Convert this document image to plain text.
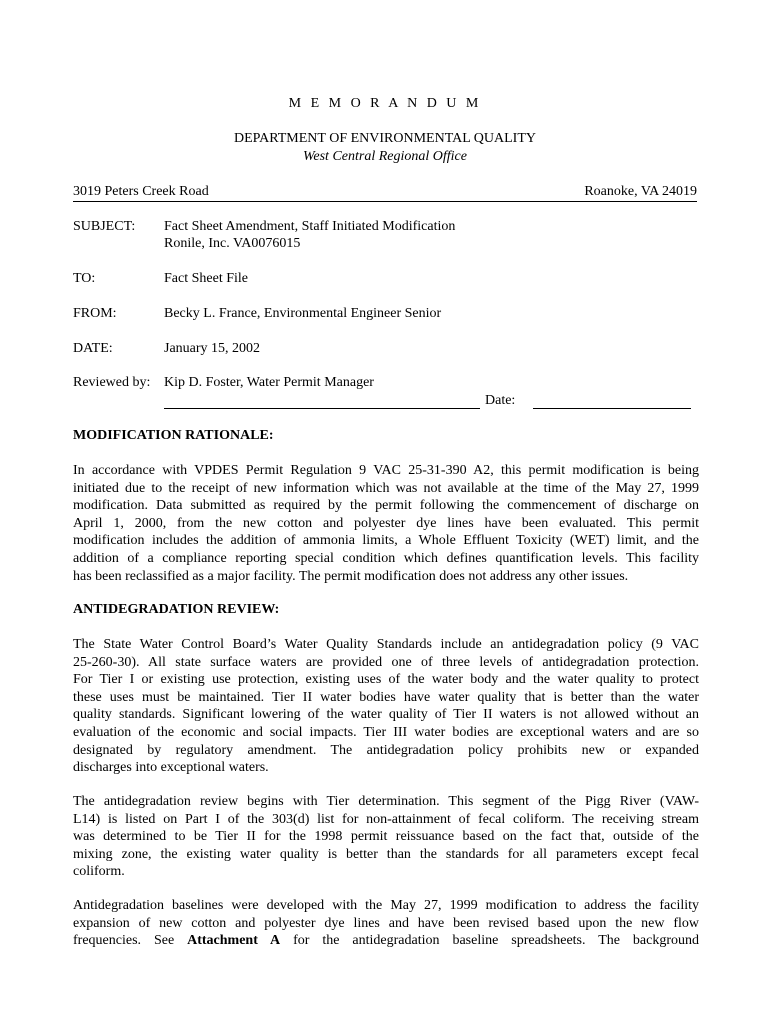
M E M O R A N D U M
DEPARTMENT OF ENVIRONMENTAL QUALITY
West Central Regional Office
3019 Peters Creek Road	Roanoke, VA 24019
SUBJECT: Fact Sheet Amendment, Staff Initiated Modification
Ronile, Inc. VA0076015
TO:	Fact Sheet File
FROM:	Becky L. France, Environmental Engineer Senior
DATE:	January 15, 2002
Reviewed by: Kip D. Foster, Water Permit Manager
Date:
MODIFICATION RATIONALE:
In accordance with VPDES Permit Regulation 9 VAC 25-31-390 A2, this permit modification is being
initiated due to the receipt of new information which was not available at the time of the May 27, 1999
modification. Data submitted as required by the permit following the commencement of discharge on
April 1, 2000, from the new cotton and polyester dye lines have been evaluated. This permit
modification includes the addition of ammonia limits, a Whole Effluent Toxicity (WET) limit, and the
addition of a compliance reporting special condition which defines quantification levels. This facility
has been reclassified as a major facility. The permit modification does not address any other issues.
ANTIDEGRADATION REVIEW:
The State Water Control Board’s Water Quality Standards include an antidegradation policy (9 VAC
25-260-30). All state surface waters are provided one of three levels of antidegradation protection.
For Tier I or existing use protection, existing uses of the water body and the water quality to protect
these uses must be maintained. Tier II water bodies have water quality that is better than the water
quality standards. Significant lowering of the water quality of Tier II waters is not allowed without an
evaluation of the economic and social impacts. Tier III water bodies are exceptional waters and are so
designated by regulatory amendment. The antidegradation policy prohibits new or expanded
discharges into exceptional waters.
The antidegradation review begins with Tier determination. This segment of the Pigg River (VAW-
L14) is listed on Part I of the 303(d) list for non-attainment of fecal coliform. The receiving stream
was determined to be Tier II for the 1998 permit reissuance based on the fact that, outside of the
mixing zone, the existing water quality is better than the standards for all parameters except fecal
coliform.
Antidegradation baselines were developed with the May 27, 1999 modification to address the facility
expansion of new cotton and polyester dye lines and have been revised based upon the new flow
frequencies. See Attachment A for the antidegradation baseline spreadsheets. The background
